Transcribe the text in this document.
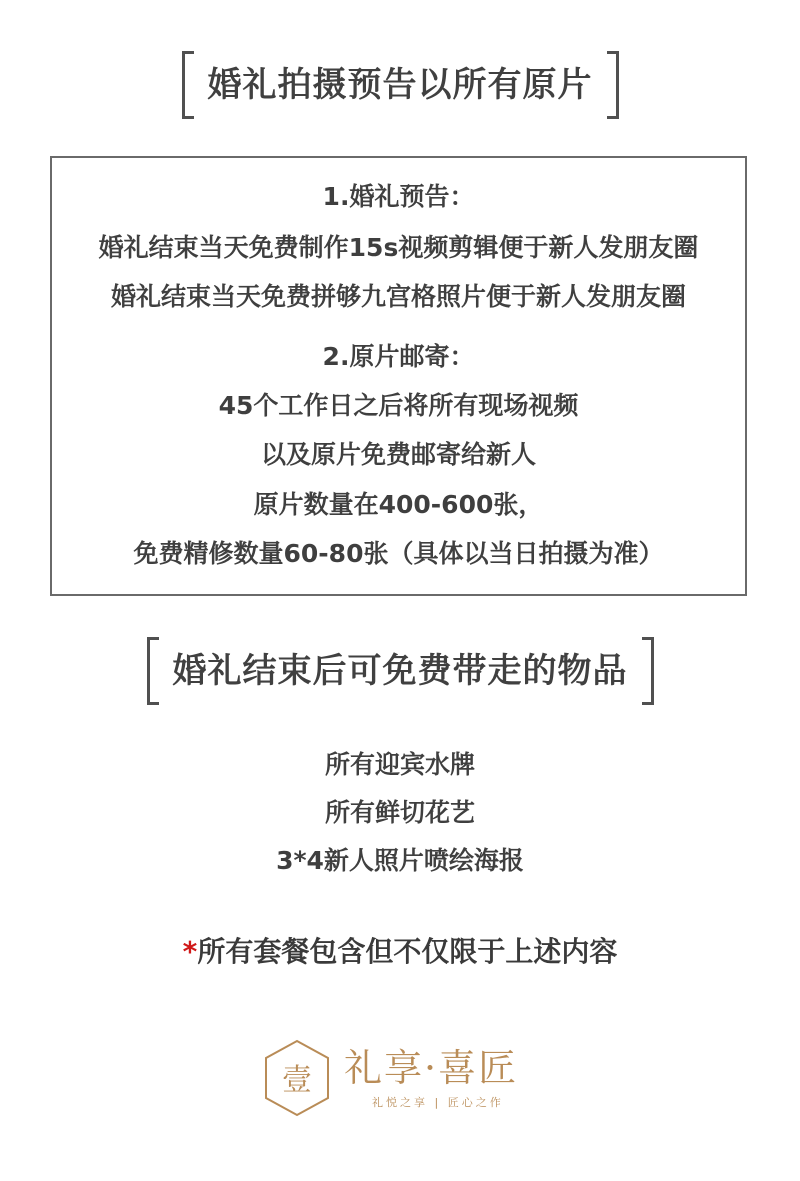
婚礼拍摄预告以所有原片
1.婚礼预告：
婚礼结束当天免费制作15s视频剪辑便于新人发朋友圈
婚礼结束当天免费拼够九宫格照片便于新人发朋友圈
2.原片邮寄：
45个工作日之后将所有现场视频
以及原片免费邮寄给新人
原片数量在400-600张，
免费精修数量60-80张（具体以当日拍摄为准）
婚礼结束后可免费带走的物品
所有迎宾水牌
所有鲜切花艺
3*4新人照片喷绘海报
*所有套餐包含但不仅限于上述内容
壹 礼享·喜匠
礼悦之享 | 匠心之作
